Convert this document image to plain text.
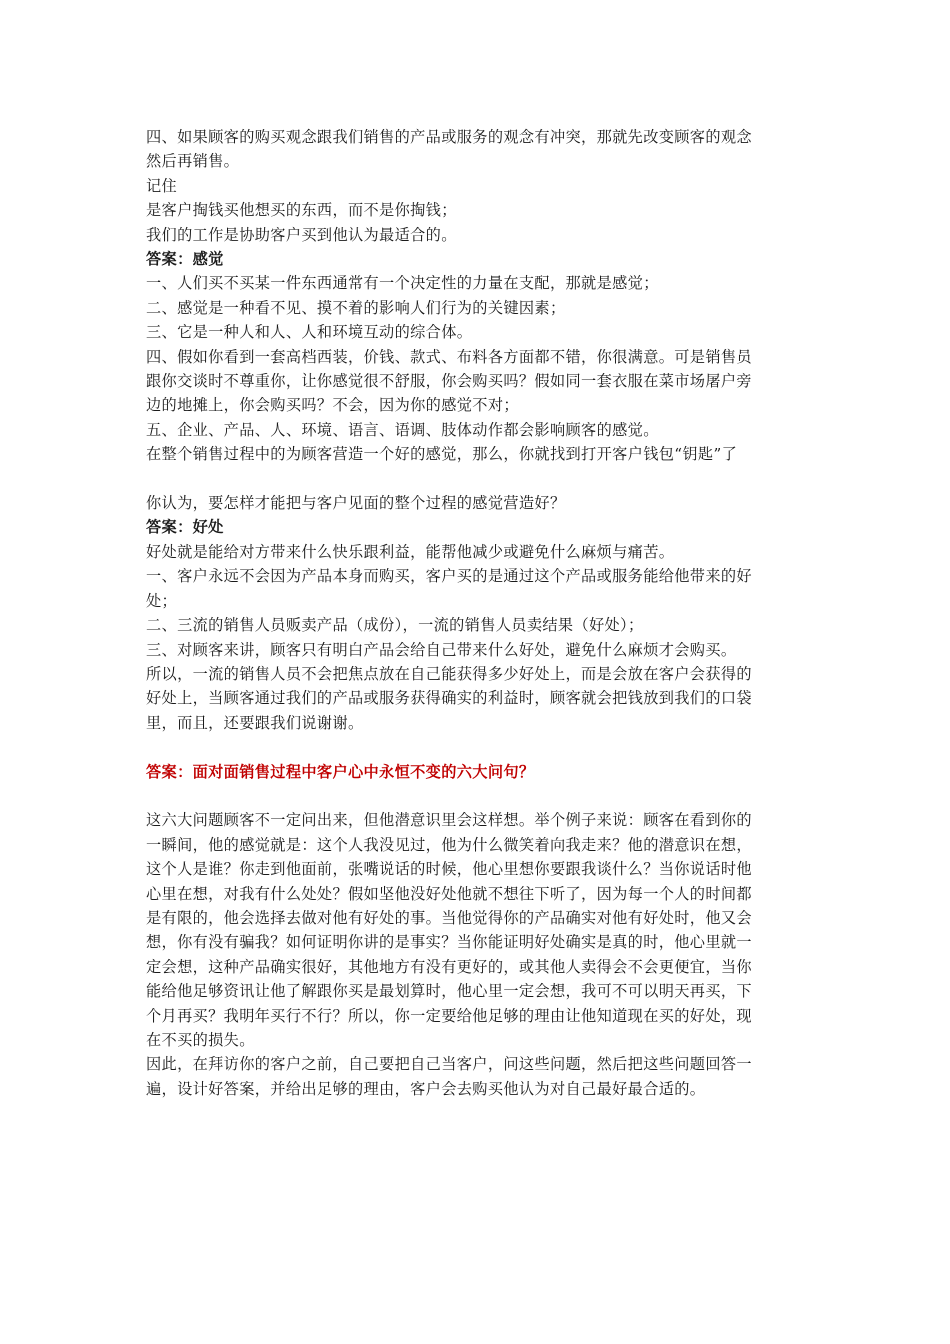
四、如果顾客的购买观念跟我们销售的产品或服务的观念有冲突，那就先改变顾客的观念
然后再销售。
记住
是客户掏钱买他想买的东西，而不是你掏钱；
我们的工作是协助客户买到他认为最适合的。
答案：感觉
一、人们买不买某一件东西通常有一个决定性的力量在支配，那就是感觉；
二、感觉是一种看不见、摸不着的影响人们行为的关键因素；
三、它是一种人和人、人和环境互动的综合体。
四、假如你看到一套高档西装，价钱、款式、布料各方面都不错，你很满意。可是销售员
跟你交谈时不尊重你，让你感觉很不舒服，你会购买吗？假如同一套衣服在菜市场屠户旁
边的地摊上，你会购买吗？不会，因为你的感觉不对；
五、企业、产品、人、环境、语言、语调、肢体动作都会影响顾客的感觉。
在整个销售过程中的为顾客营造一个好的感觉，那么，你就找到打开客户钱包“钥匙”了
你认为，要怎样才能把与客户见面的整个过程的感觉营造好？
答案：好处
好处就是能给对方带来什么快乐跟利益，能帮他减少或避免什么麻烦与痛苦。
一、客户永远不会因为产品本身而购买，客户买的是通过这个产品或服务能给他带来的好
处；
二、三流的销售人员贩卖产品（成份），一流的销售人员卖结果（好处）；
三、对顾客来讲，顾客只有明白产品会给自己带来什么好处，避免什么麻烦才会购买。
所以，一流的销售人员不会把焦点放在自己能获得多少好处上，而是会放在客户会获得的
好处上，当顾客通过我们的产品或服务获得确实的利益时，顾客就会把钱放到我们的口袋
里，而且，还要跟我们说谢谢。
答案：面对面销售过程中客户心中永恒不变的六大问句？
这六大问题顾客不一定问出来，但他潜意识里会这样想。举个例子来说：顾客在看到你的
一瞬间，他的感觉就是：这个人我没见过，他为什么微笑着向我走来？他的潜意识在想，
这个人是谁？你走到他面前，张嘴说话的时候，他心里想你要跟我谈什么？当你说话时他
心里在想，对我有什么处处？假如坚他没好处他就不想往下听了，因为每一个人的时间都
是有限的，他会选择去做对他有好处的事。当他觉得你的产品确实对他有好处时，他又会
想，你有没有骗我？如何证明你讲的是事实？当你能证明好处确实是真的时，他心里就一
定会想，这种产品确实很好，其他地方有没有更好的，或其他人卖得会不会更便宜，当你
能给他足够资讯让他了解跟你买是最划算时，他心里一定会想，我可不可以明天再买，下
个月再买？我明年买行不行？所以，你一定要给他足够的理由让他知道现在买的好处，现
在不买的损失。
因此，在拜访你的客户之前，自己要把自己当客户，问这些问题，然后把这些问题回答一
遍，设计好答案，并给出足够的理由，客户会去购买他认为对自己最好最合适的。
